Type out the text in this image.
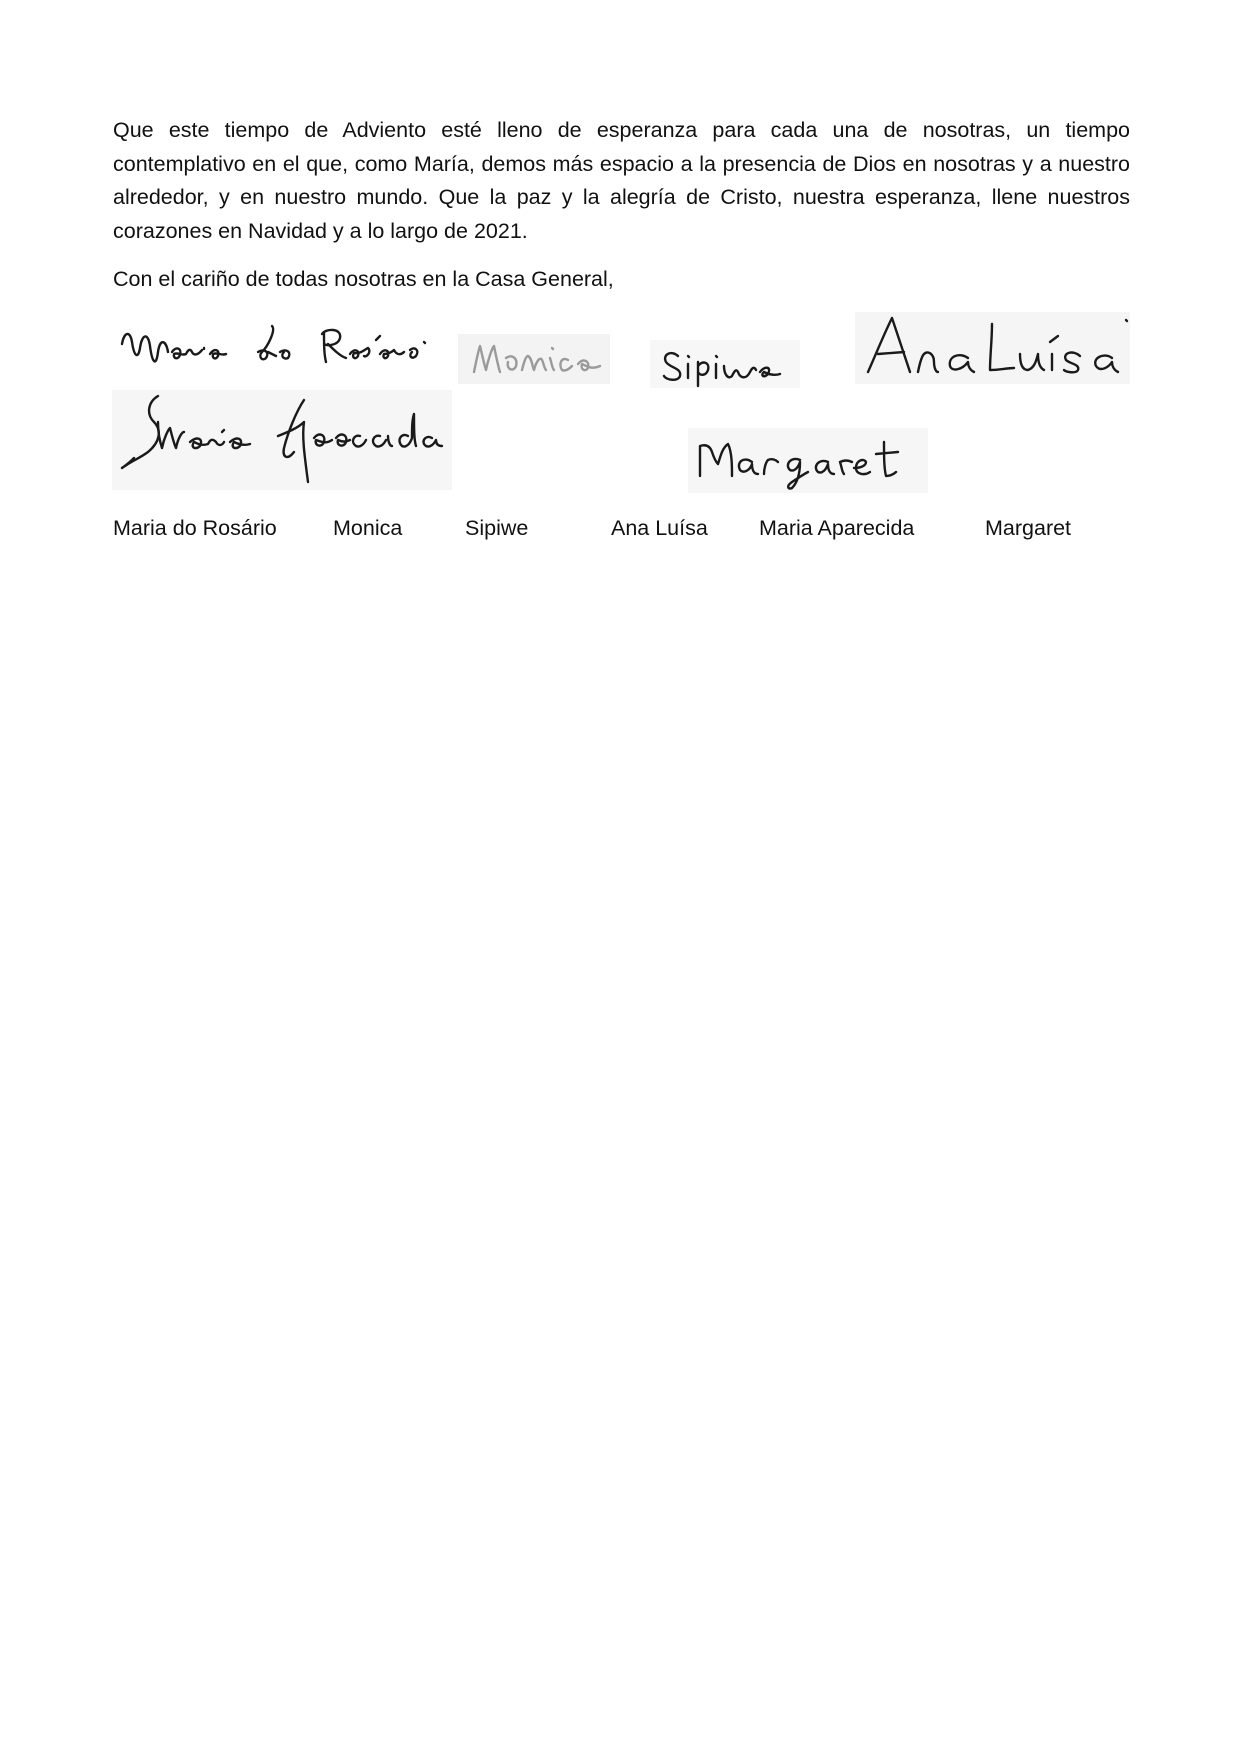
Que este tiempo de Adviento esté lleno de esperanza para cada una de nosotras, un tiempo contemplativo en el que, como María, demos más espacio a la presencia de Dios en nosotras y a nuestro alrededor, y en nuestro mundo. Que la paz y la alegría de Cristo, nuestra esperanza, llene nuestros corazones en Navidad y a lo largo de 2021.

Con el cariño de todas nosotras en la Casa General,

Maria do Rosário	Monica	Sipiwe	Ana Luísa Maria Aparecida	Margaret
